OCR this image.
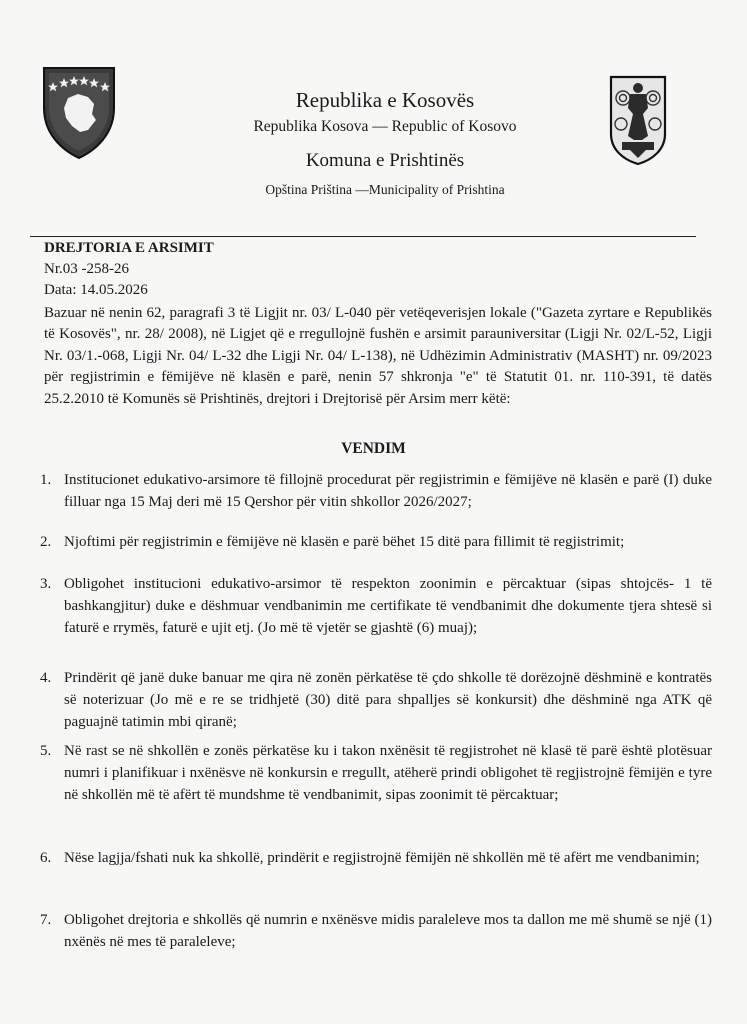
Republika e Kosovës
Republika Kosova — Republic of Kosovo
Komuna e Prishtinës
Opština Priština —Municipality of Prishtina
DREJTORIA E ARSIMIT
Nr.03 -258-26
Data: 14.05.2026
Bazuar në nenin 62, paragrafi 3 të Ligjit nr. 03/ L-040 për vetëqeverisjen lokale ("Gazeta zyrtare e Republikës të Kosovës", nr. 28/ 2008), në Ligjet që e rregullojnë fushën e arsimit parauniversitar (Ligji Nr. 02/L-52, Ligji Nr. 03/1.-068, Ligji Nr. 04/ L-32 dhe Ligji Nr. 04/ L-138), në Udhëzimin Administrativ (MASHT) nr. 09/2023 për regjistrimin e fëmijëve në klasën e parë, nenin 57 shkronja "e" të Statutit 01. nr. 110-391, të datës 25.2.2010 të Komunës së Prishtinës, drejtori i Drejtorisë për Arsim merr këtë:
VENDIM
1. Institucionet edukativo-arsimore të fillojnë procedurat për regjistrimin e fëmijëve në klasën e parë (I) duke filluar nga 15 Maj deri më 15 Qershor për vitin shkollor 2026/2027;
2. Njoftimi për regjistrimin e fëmijëve në klasën e parë bëhet 15 ditë para fillimit të regjistrimit;
3. Obligohet institucioni edukativo-arsimor të respekton zoonimin e përcaktuar (sipas shtojcës- 1 të bashkangjitur) duke e dëshmuar vendbanimin me certifikate të vendbanimit dhe dokumente tjera shtesë si faturë e rrymës, faturë e ujit etj. (Jo më të vjetër se gjashtë (6) muaj);
4. Prindërit që janë duke banuar me qira në zonën përkatëse të çdo shkolle të dorëzojnë dëshminë e kontratës së noterizuar (Jo më e re se tridhjetë (30) ditë para shpalljes së konkursit) dhe dëshminë nga ATK që paguajnë tatimin mbi qiranë;
5. Në rast se në shkollën e zonës përkatëse ku i takon nxënësit të regjistrohet në klasë të parë është plotësuar numri i planifikuar i nxënësve në konkursin e rregullt, atëherë prindi obligohet të regjistrojnë fëmijën e tyre në shkollën më të afërt të mundshme të vendbanimit, sipas zoonimit të përcaktuar;
6. Nëse lagjja/fshati nuk ka shkollë, prindërit e regjistrojnë fëmijën në shkollën më të afërt me vendbanimin;
7. Obligohet drejtoria e shkollës që numrin e nxënësve midis paraleleve mos ta dallon me më shumë se një (1) nxënës në mes të paraleleve;
